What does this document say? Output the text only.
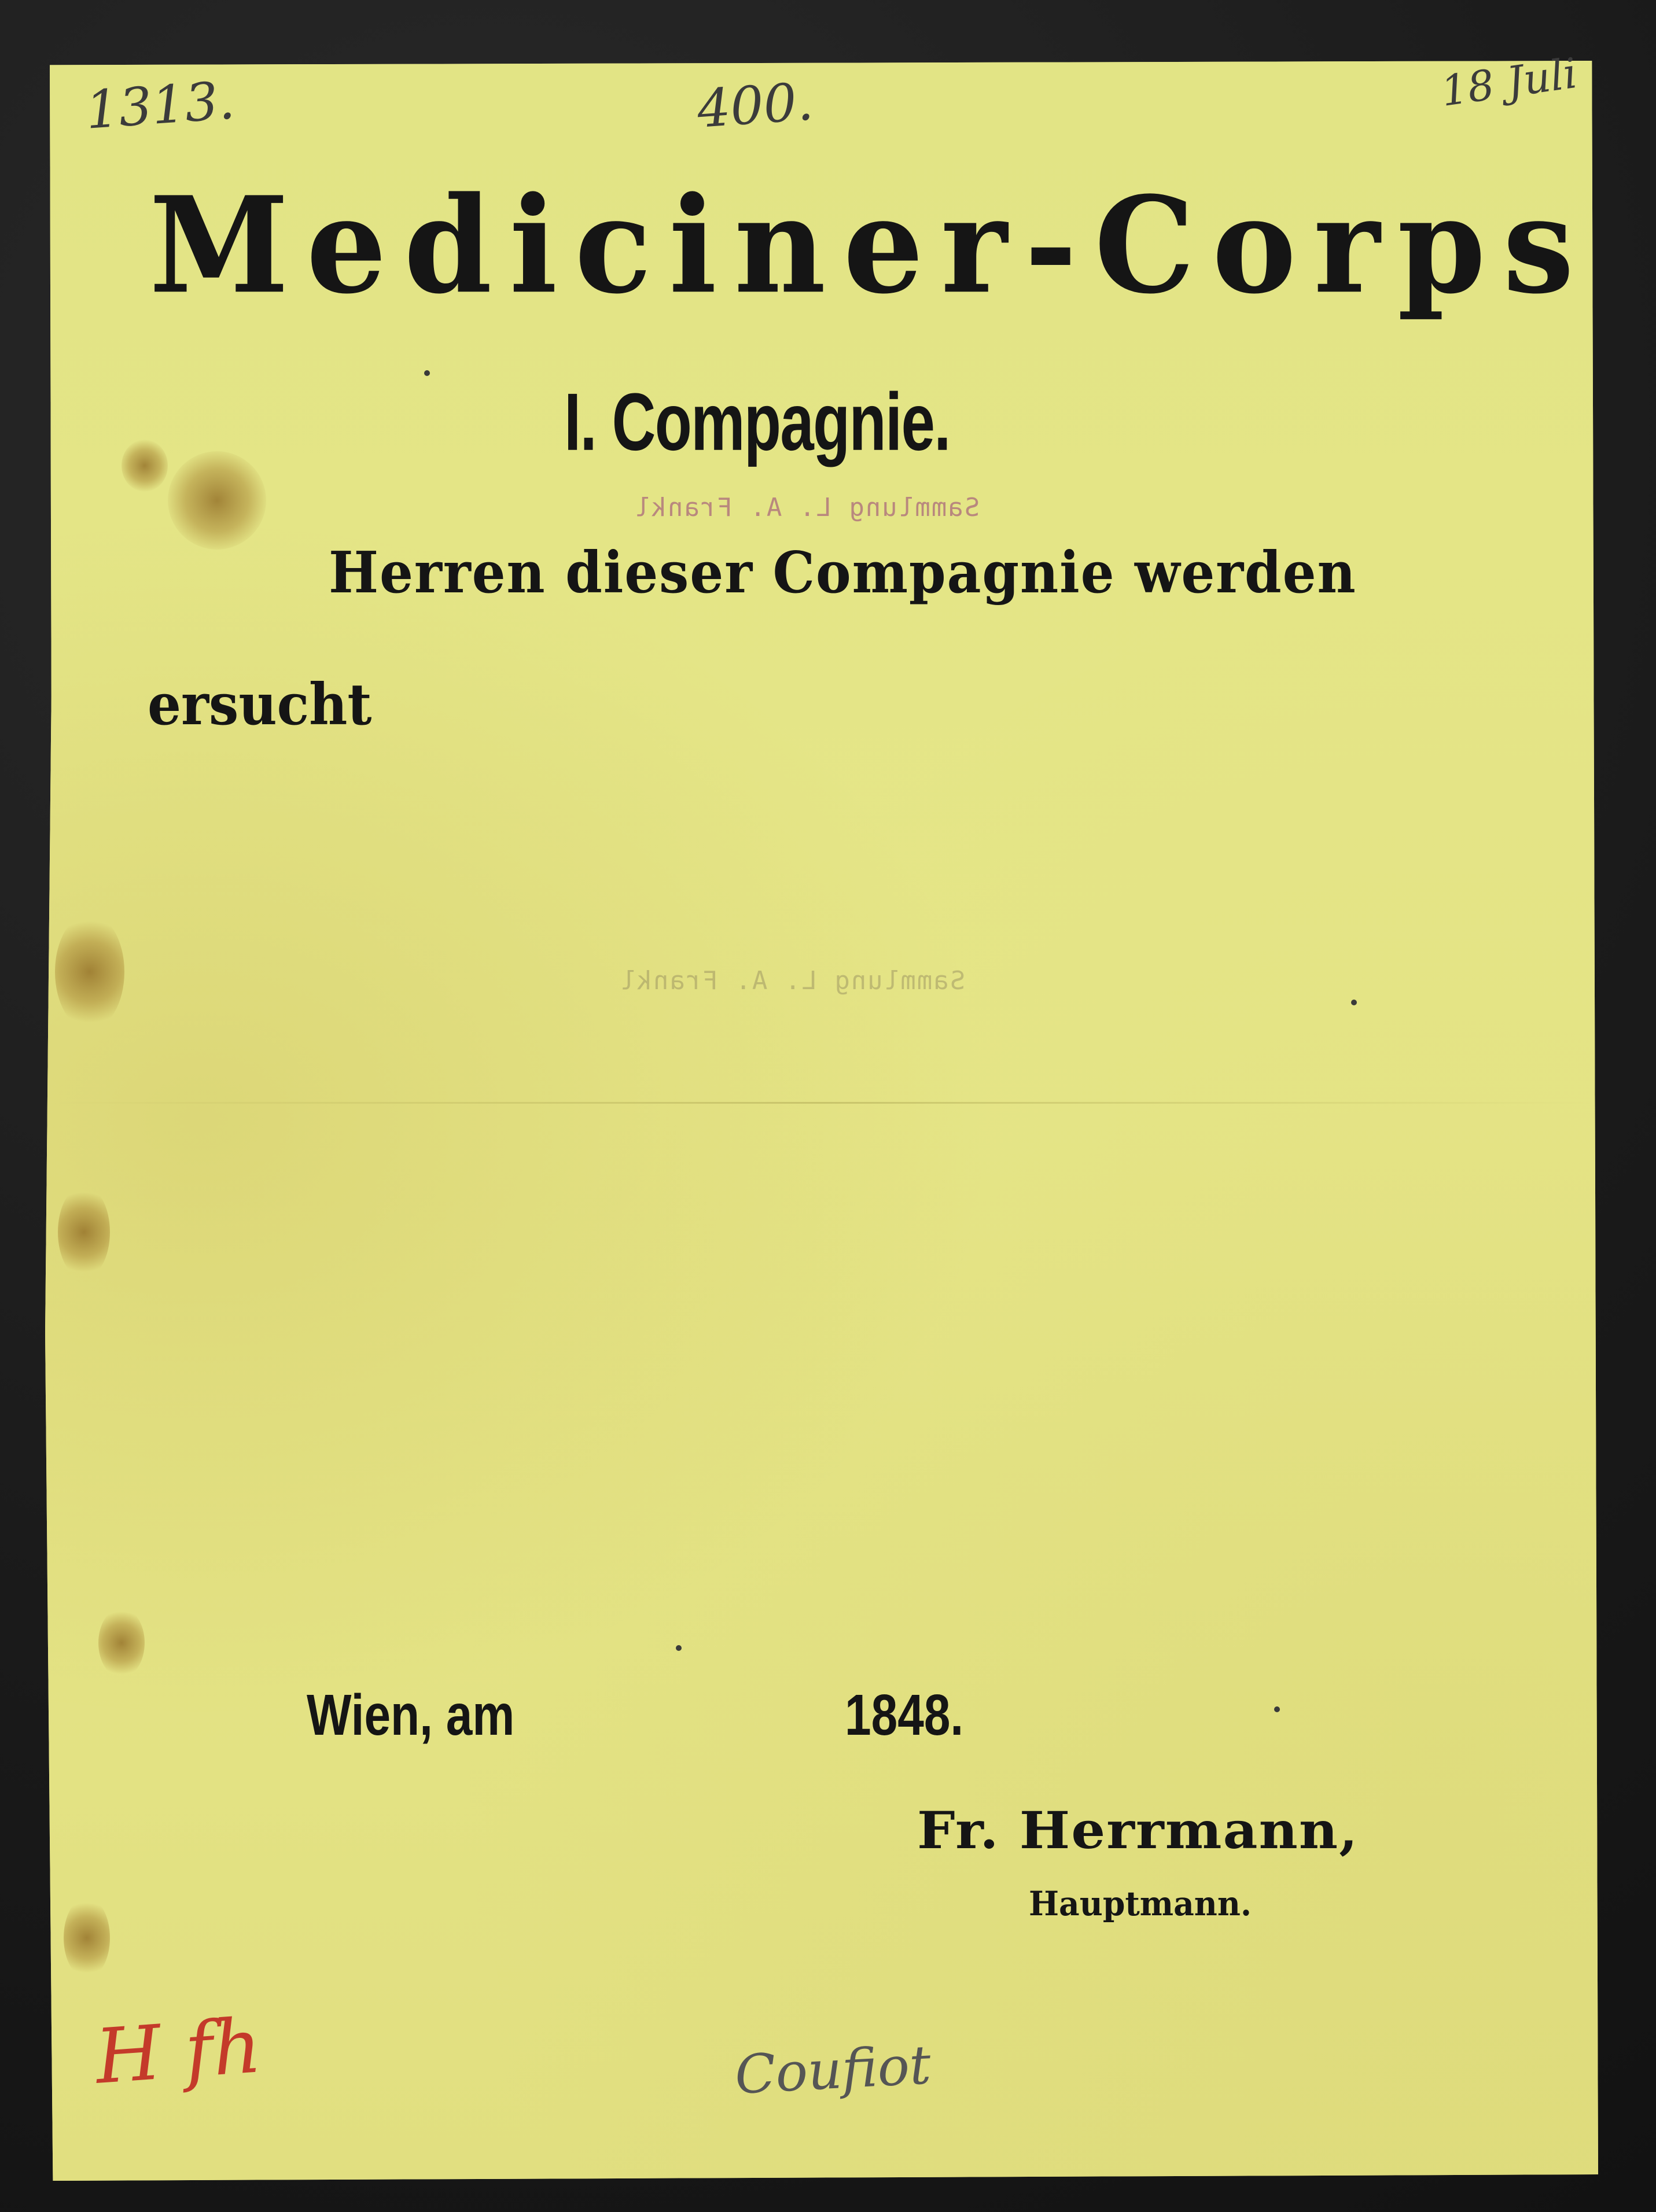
1313.	400.	18 Juli

Mediciner-Corps
I. Compagnie.

Sammlung L. A. Frankl

Herren dieser Compagnie werden

ersucht

Sammlung L. A. Frankl

Wien, am	1848.

Fr. Herrmann,

Hauptmann.

H fh	Coufiot
